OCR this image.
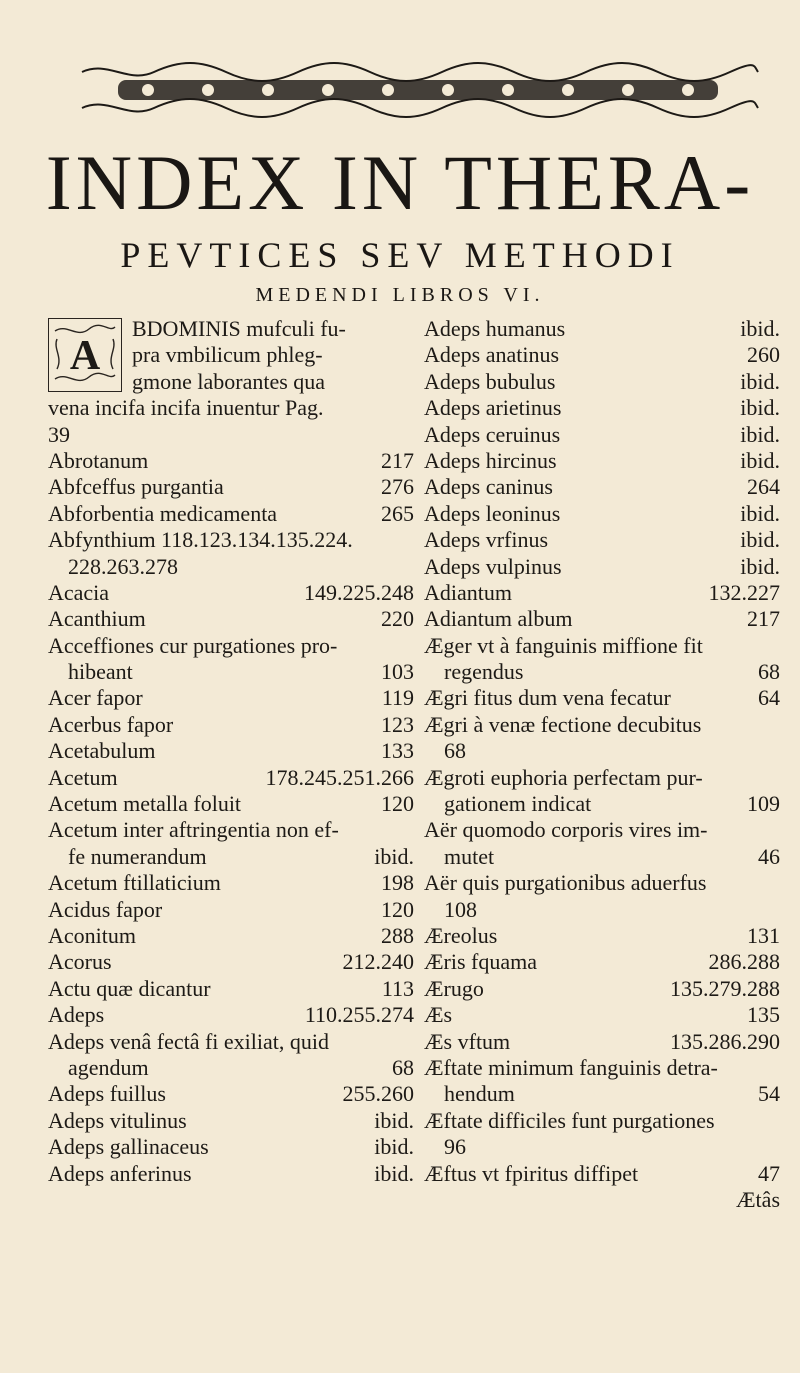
INDEX IN THERA-
PEVTICES SEV METHODI
MEDENDI LIBROS VI.
A
BDOMINIS mufculi fu-
pra vmbilicum phleg-
gmone laborantes qua
vena incifa incifa inuentur Pag.
39
Abrotanum	217
Abfceffus purgantia	276
Abforbentia medicamenta	265
Abfynthium 118.123.134.135.224.
228.263.278
Acacia	149.225.248
Acanthium	220
Acceffiones cur purgationes pro-
hibeant	103
Acer fapor	119
Acerbus fapor	123
Acetabulum	133
Acetum	178.245.251.266
Acetum metalla foluit	120
Acetum inter aftringentia non ef-
fe numerandum	ibid.
Acetum ftillaticium	198
Acidus fapor	120
Aconitum	288
Acorus	212.240
Actu quæ dicantur	113
Adeps	110.255.274
Adeps venâ fectâ fi exiliat, quid
agendum	68
Adeps fuillus	255.260
Adeps vitulinus	ibid.
Adeps gallinaceus	ibid.
Adeps anferinus	ibid.
Adeps humanus	ibid.
Adeps anatinus	260
Adeps bubulus	ibid.
Adeps arietinus	ibid.
Adeps ceruinus	ibid.
Adeps hircinus	ibid.
Adeps caninus	264
Adeps leoninus	ibid.
Adeps vrfinus	ibid.
Adeps vulpinus	ibid.
Adiantum	132.227
Adiantum album	217
Æger vt à fanguinis miffione fit
regendus	68
Ægri fitus dum vena fecatur	64
Ægri à venæ fectione decubitus
68
Ægroti euphoria perfectam pur-
gationem indicat	109
Aër quomodo corporis vires im-
mutet	46
Aër quis purgationibus aduerfus
108
Æreolus	131
Æris fquama	286.288
Ærugo	135.279.288
Æs	135
Æs vftum	135.286.290
Æftate minimum fanguinis detra-
hendum	54
Æftate difficiles funt purgationes
96
Æftus vt fpiritus diffipet	47
Ætâs
